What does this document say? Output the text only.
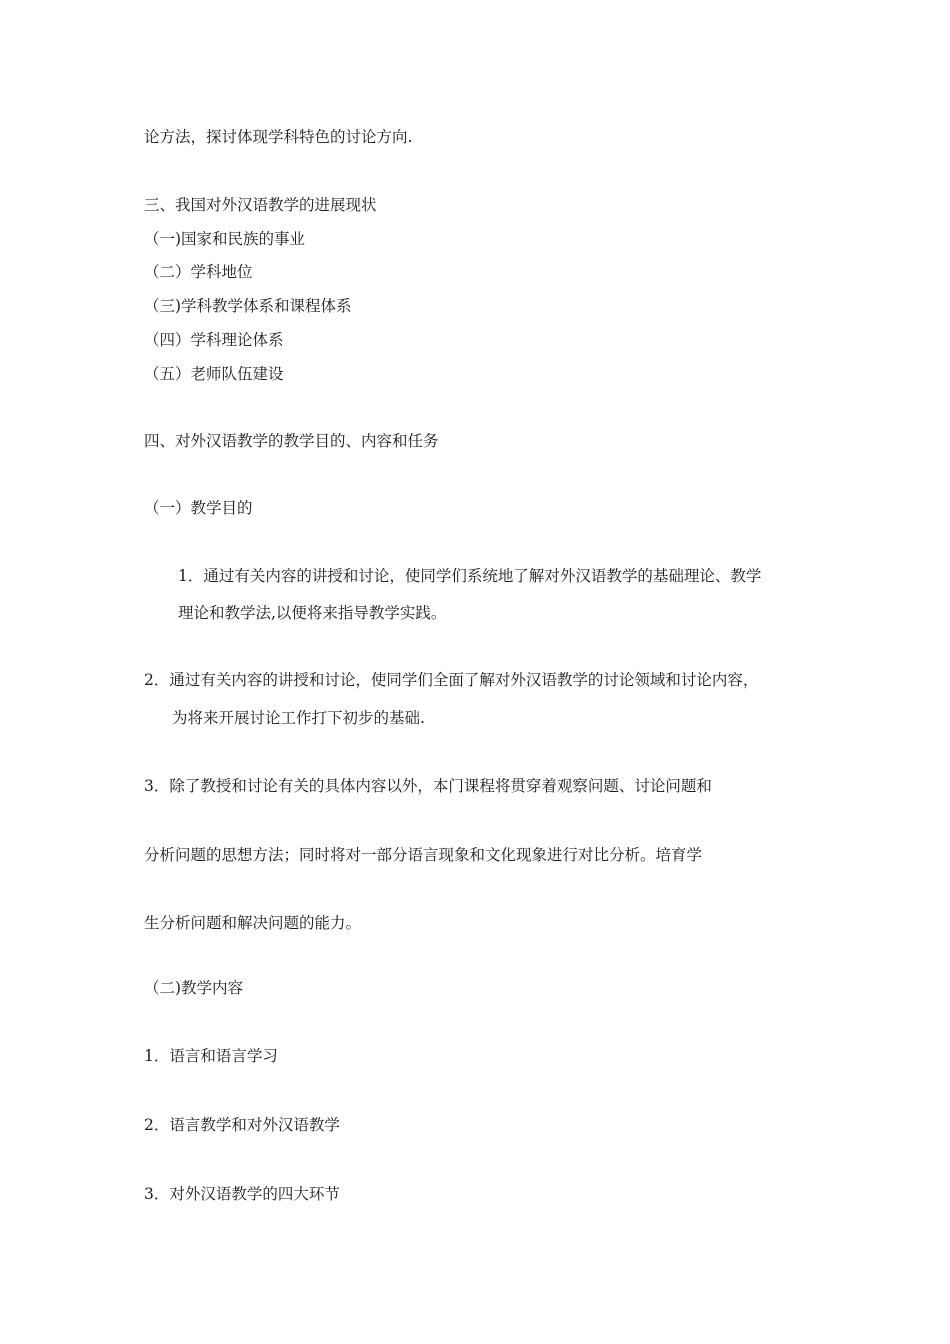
论方法，探讨体现学科特色的讨论方向.
三、我国对外汉语教学的进展现状
（一)国家和民族的事业
（二）学科地位
（三)学科教学体系和课程体系
（四）学科理论体系
（五）老师队伍建设
四、对外汉语教学的教学目的、内容和任务
（一）教学目的
1．通过有关内容的讲授和讨论，使同学们系统地了解对外汉语教学的基础理论、教学
理论和教学法,以便将来指导教学实践。
2．通过有关内容的讲授和讨论，使同学们全面了解对外汉语教学的讨论领域和讨论内容，
为将来开展讨论工作打下初步的基础.
3．除了教授和讨论有关的具体内容以外，本门课程将贯穿着观察问题、讨论问题和
分析问题的思想方法；同时将对一部分语言现象和文化现象进行对比分析。培育学
生分析问题和解决问题的能力。
（二)教学内容
1．语言和语言学习
2．语言教学和对外汉语教学
3．对外汉语教学的四大环节
